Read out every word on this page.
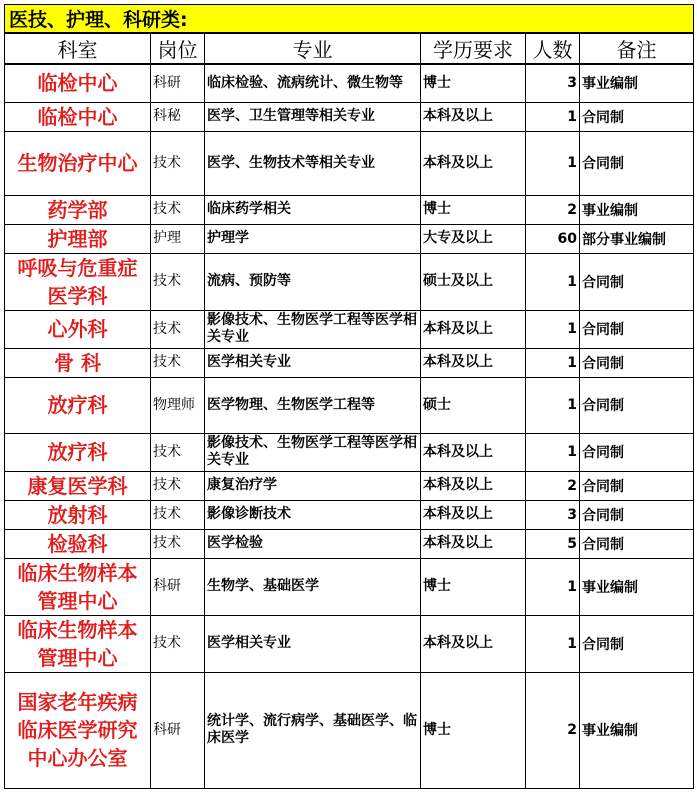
医技、护理、科研类:					
科室	岗位	专业	学历要求	人数	备注
临检中心	科研	临床检验、流病统计、微生物等	博士	3	事业编制
临检中心	科秘	医学、卫生管理等相关专业	本科及以上	1	合同制
生物治疗中心	技术	医学、生物技术等相关专业	本科及以上	1	合同制
药学部	技术	临床药学相关	博士	2	事业编制
护理部	护理	护理学	大专及以上	60	部分事业编制
呼吸与危重症医学科	技术	流病、预防等	硕士及以上	1	合同制
心外科	技术	影像技术、生物医学工程等医学相关专业	本科及以上	1	合同制
骨 科	技术	医学相关专业	本科及以上	1	合同制
放疗科	物理师	医学物理、生物医学工程等	硕士	1	合同制
放疗科	技术	影像技术、生物医学工程等医学相关专业	本科及以上	1	合同制
康复医学科	技术	康复治疗学	本科及以上	2	合同制
放射科	技术	影像诊断技术	本科及以上	3	合同制
检验科	技术	医学检验	本科及以上	5	合同制
临床生物样本管理中心	科研	生物学、基础医学	博士	1	事业编制
临床生物样本管理中心	技术	医学相关专业	本科及以上	1	合同制
国家老年疾病临床医学研究中心办公室	科研	统计学、流行病学、基础医学、临床医学	博士	2	事业编制
